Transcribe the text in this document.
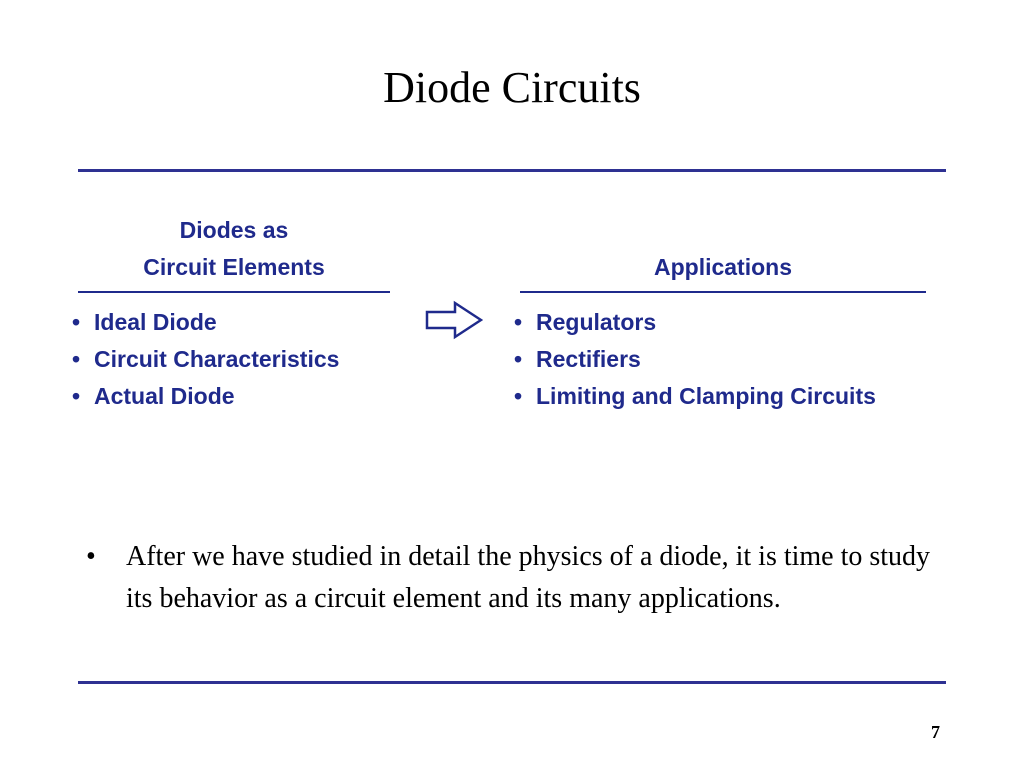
Diode Circuits
Diodes as
Circuit Elements
• Ideal Diode
• Circuit Characteristics
• Actual Diode
Applications
• Regulators
• Rectifiers
• Limiting and Clamping Circuits
•	After we have studied in detail the physics of a diode, it is time to study its behavior as a circuit element and its many applications.

7
